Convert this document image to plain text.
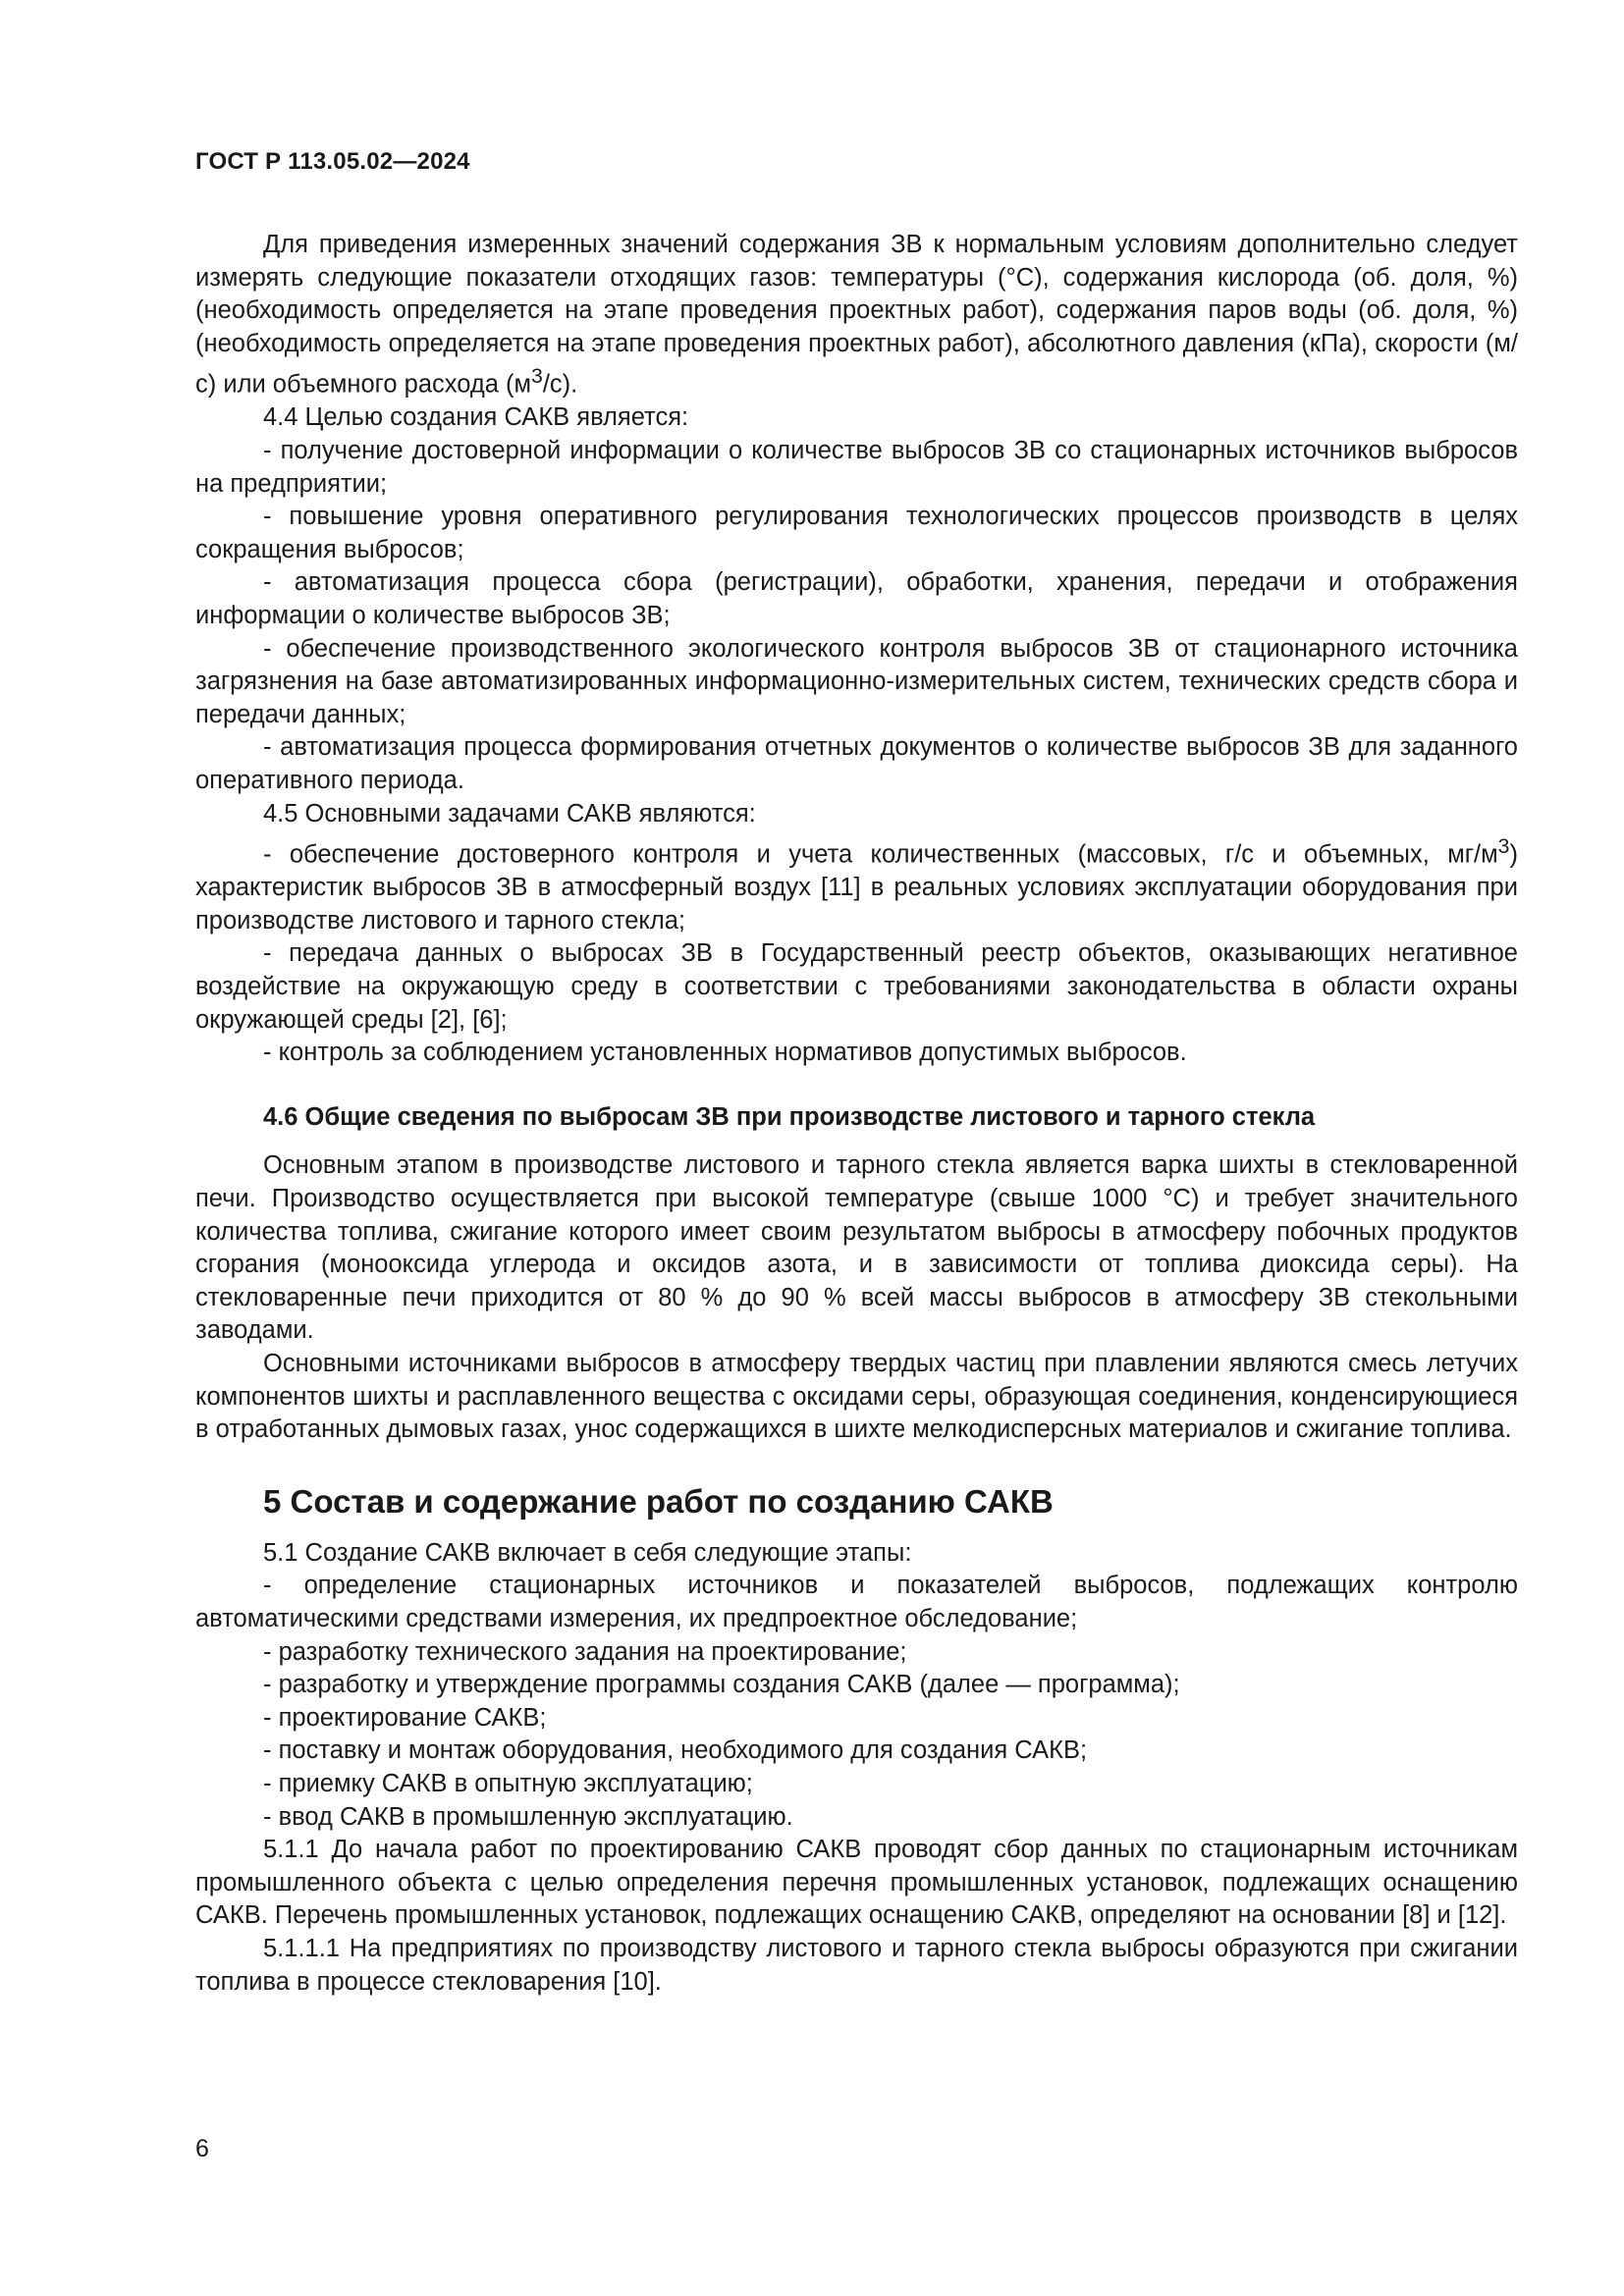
ГОСТ Р 113.05.02—2024

Для приведения измеренных значений содержания ЗВ к нормальным условиям дополнительно следует измерять следующие показатели отходящих газов: температуры (°С), содержания кислорода (об. доля, %) (необходимость определяется на этапе проведения проектных работ), содержания паров воды (об. доля, %) (необходимость определяется на этапе проведения проектных работ), абсолютного давления (кПа), скорости (м/с) или объемного расхода $(м^3/с)$.

4.4 Целью создания САКВ является:

- получение достоверной информации о количестве выбросов ЗВ со стационарных источников выбросов на предприятии;

- повышение уровня оперативного регулирования технологических процессов производств в целях сокращения выбросов;

- автоматизация процесса сбора (регистрации), обработки, хранения, передачи и отображения информации о количестве выбросов ЗВ;

- обеспечение производственного экологического контроля выбросов ЗВ от стационарного источника загрязнения на базе автоматизированных информационно-измерительных систем, технических средств сбора и передачи данных;

- автоматизация процесса формирования отчетных документов о количестве выбросов ЗВ для заданного оперативного периода.

4.5 Основными задачами САКВ являются:

- обеспечение достоверного контроля и учета количественных (массовых, г/с и объемных, $мг/м^3$) характеристик выбросов ЗВ в атмосферный воздух [11] в реальных условиях эксплуатации оборудования при производстве листового и тарного стекла;

- передача данных о выбросах ЗВ в Государственный реестр объектов, оказывающих негативное воздействие на окружающую среду в соответствии с требованиями законодательства в области охраны окружающей среды [2], [6];

- контроль за соблюдением установленных нормативов допустимых выбросов.

4.6 Общие сведения по выбросам ЗВ при производстве листового и тарного стекла

Основным этапом в производстве листового и тарного стекла является варка шихты в стекловаренной печи. Производство осуществляется при высокой температуре (свыше 1000 °С) и требует значительного количества топлива, сжигание которого имеет своим результатом выбросы в атмосферу побочных продуктов сгорания (монооксида углерода и оксидов азота, и в зависимости от топлива диоксида серы). На стекловаренные печи приходится от 80 % до 90 % всей массы выбросов в атмосферу ЗВ стекольными заводами.

Основными источниками выбросов в атмосферу твердых частиц при плавлении являются смесь летучих компонентов шихты и расплавленного вещества с оксидами серы, образующая соединения, конденсирующиеся в отработанных дымовых газах, унос содержащихся в шихте мелкодисперсных материалов и сжигание топлива.

5 Состав и содержание работ по созданию САКВ

5.1 Создание САКВ включает в себя следующие этапы:

- определение стационарных источников и показателей выбросов, подлежащих контролю автоматическими средствами измерения, их предпроектное обследование;

- разработку технического задания на проектирование;

- разработку и утверждение программы создания САКВ (далее — программа);

- проектирование САКВ;

- поставку и монтаж оборудования, необходимого для создания САКВ;

- приемку САКВ в опытную эксплуатацию;

- ввод САКВ в промышленную эксплуатацию.

5.1.1 До начала работ по проектированию САКВ проводят сбор данных по стационарным источникам промышленного объекта с целью определения перечня промышленных установок, подлежащих оснащению САКВ. Перечень промышленных установок, подлежащих оснащению САКВ, определяют на основании [8] и [12].

5.1.1.1 На предприятиях по производству листового и тарного стекла выбросы образуются при сжигании топлива в процессе стекловарения [10].

6
